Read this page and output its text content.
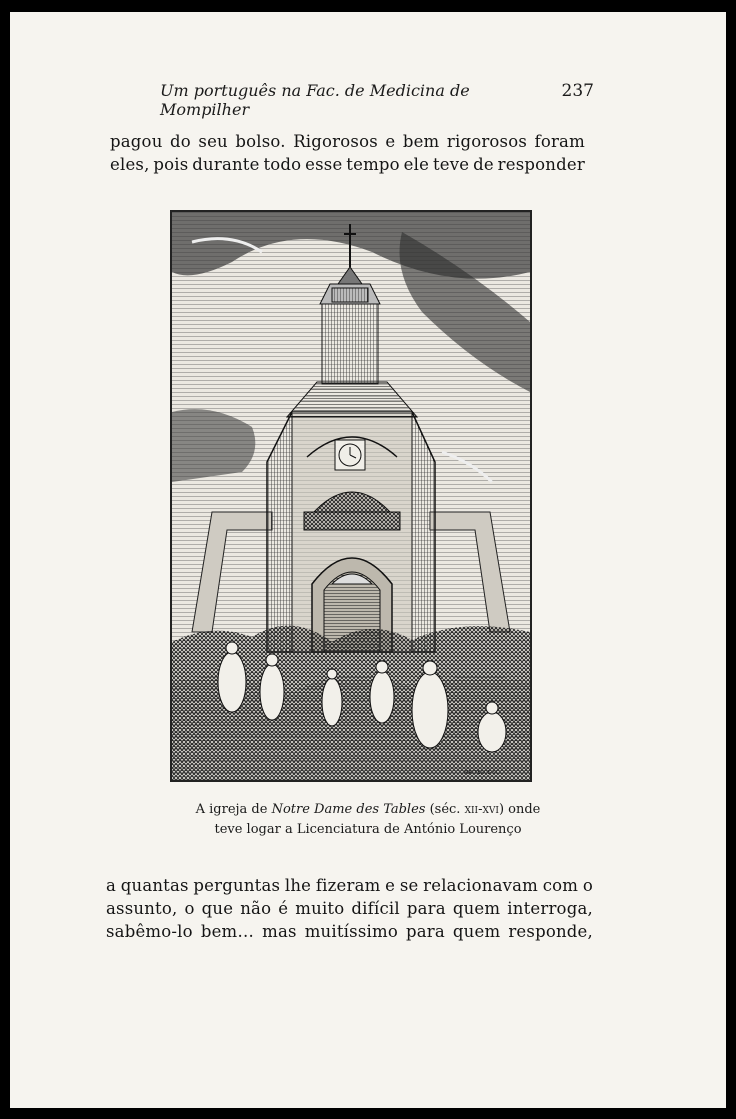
Um português na Fac. de Medicina de Mompilher
237
pagou do seu bolso. Rigorosos e bem rigorosos foram
eles, pois durante todo esse tempo ele teve de responder
MATTERUS SC.
A igreja de Notre Dame des Tables (séc. xii-xvi) onde
teve logar a Licenciatura de António Lourenço
a quantas perguntas lhe fizeram e se relacionavam com o
assunto, o que não é muito difícil para quem interroga,
sabêmo-lo bem… mas muitíssimo para quem responde,
